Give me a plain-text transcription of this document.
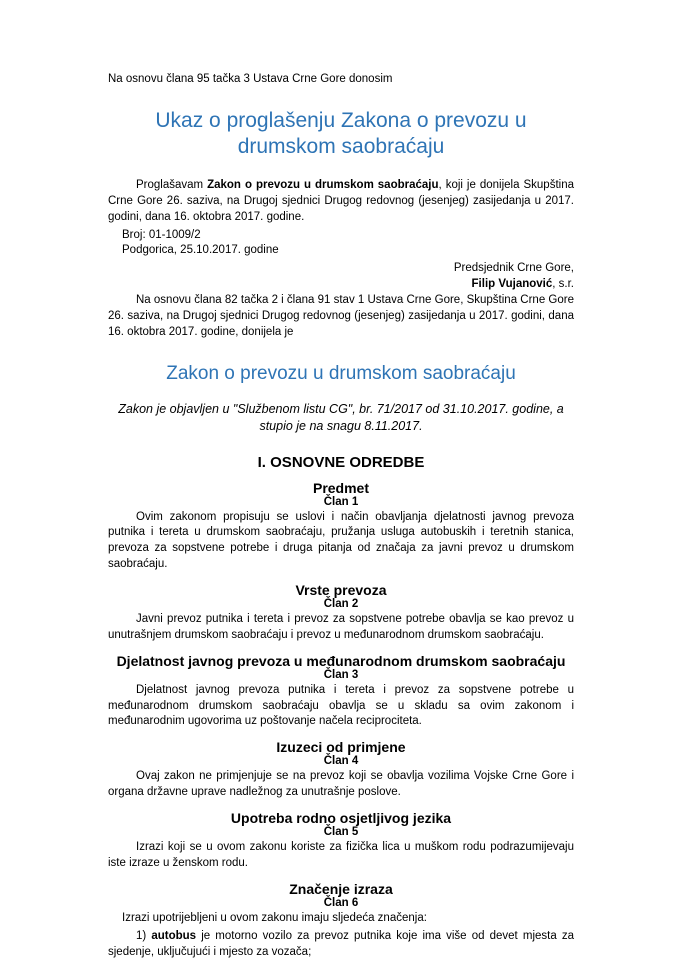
Na osnovu člana 95 tačka 3 Ustava Crne Gore donosim

Ukaz o proglašenju Zakona o prevozu u drumskom saobraćaju

Proglašavam Zakon o prevozu u drumskom saobraćaju, koji je donijela Skupština Crne Gore 26. saziva, na Drugoj sjednici Drugog redovnog (jesenjeg) zasijedanja u 2017. godini, dana 16. oktobra 2017. godine.

Broj: 01-1009/2

Podgorica, 25.10.2017. godine

Predsjednik Crne Gore,
Filip Vujanović, s.r.

Na osnovu člana 82 tačka 2 i člana 91 stav 1 Ustava Crne Gore, Skupština Crne Gore 26. saziva, na Drugoj sjednici Drugog redovnog (jesenjeg) zasijedanja u 2017. godini, dana 16. oktobra 2017. godine, donijela je

Zakon o prevozu u drumskom saobraćaju

Zakon je objavljen u "Službenom listu CG", br. 71/2017 od 31.10.2017. godine, a stupio je na snagu 8.11.2017.

I. OSNOVNE ODREDBE
Predmet
Član 1

Ovim zakonom propisuju se uslovi i način obavljanja djelatnosti javnog prevoza putnika i tereta u drumskom saobraćaju, pružanja usluga autobuskih i teretnih stanica, prevoza za sopstvene potrebe i druga pitanja od značaja za javni prevoz u drumskom saobraćaju.

Vrste prevoza
Član 2

Javni prevoz putnika i tereta i prevoz za sopstvene potrebe obavlja se kao prevoz u unutrašnjem drumskom saobraćaju i prevoz u međunarodnom drumskom saobraćaju.

Djelatnost javnog prevoza u međunarodnom drumskom saobraćaju
Član 3

Djelatnost javnog prevoza putnika i tereta i prevoz za sopstvene potrebe u međunarodnom drumskom saobraćaju obavlja se u skladu sa ovim zakonom i međunarodnim ugovorima uz poštovanje načela reciprociteta.

Izuzeci od primjene
Član 4

Ovaj zakon ne primjenjuje se na prevoz koji se obavlja vozilima Vojske Crne Gore i organa državne uprave nadležnog za unutrašnje poslove.

Upotreba rodno osjetljivog jezika
Član 5

Izrazi koji se u ovom zakonu koriste za fizička lica u muškom rodu podrazumijevaju iste izraze u ženskom rodu.

Značenje izraza
Član 6

Izrazi upotrijebljeni u ovom zakonu imaju sljedeća značenja:

1) autobus je motorno vozilo za prevoz putnika koje ima više od devet mjesta za sjedenje, uključujući i mjesto za vozača;
